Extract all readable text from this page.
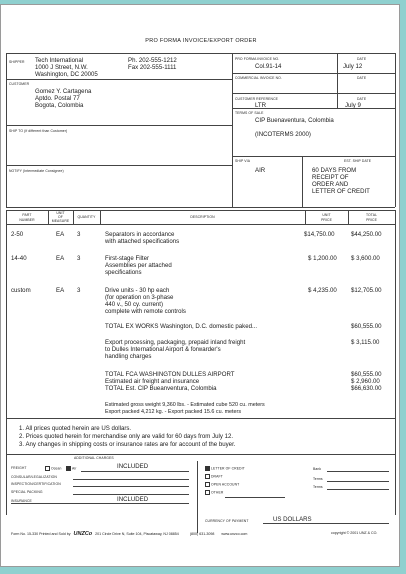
PRO FORMA INVOICE/EXPORT ORDER
SHIPPER Tech International
1000 J Street, N.W.
Washington, DC 20005
Ph. 202-555-1212
Fax 202-555-1111
CUSTOMER
Gomez Y. Cartagena
Aptdo. Postal 77
Bogota, Colombia
SHIP TO (if different than Customer)
NOTIFY (Intermediate Consignee)
PRO FORMA INVOICE NO.
Col.91-14
DATE
July 12
COMMERCIAL INVOICE NO.	DATE
CUSTOMER REFERENCE
LTR
DATE
July 9
TERMS OF SALE
CIP Buenaventura, Colombia
(INCOTERMS 2000)
SHIP VIA
AIR
EST. SHIP DATE
60 DAYS FROM
RECEIPT OF
ORDER AND
LETTER OF CREDIT
PART
NUMBER
UNIT
OF
MEASURE
QUANTITY	DESCRIPTION	UNIT
PRICE
TOTAL
PRICE
2-50	EA 3	Separators in accordance
with attached specifications
$14,750.00	$44,250.00
14-40	EA 3	First-stage Filter
Assemblies per attached
specifications
$ 1,200.00 $ 3,600.00
custom	EA 3	Drive units - 30 hp each
(for operation on 3-phase
440 v., 50 cy. current)
complete with remote controls
$ 4,235.00 $12,705.00
TOTAL EX WORKS Washington, D.C. domestic paked...	$60,555.00
Export processing, packaging, prepaid inland freight
to Dulles International Airport & forwarder's
handling charges
$ 3,115.00
TOTAL FCA WASHINGTON DULLES AIRPORT	$60,555.00
Estimated air freight and insurance	$ 2,960.00
TOTAL Est. CIP Bueanventura, Colombia	$66,630.00
Estimated gross weight 9,360 lbs. - Estimated cube 520 cu. meters
Export packed 4,212 kg. - Export packed 15.6 cu. meters
1. All prices quoted herein are US dollars.
2. Prices quoted herein for merchandise only are valid for 60 days from July 12.
3. Any changes in shipping costs or insurance rates are for account of the buyer.
ADDITIONAL CHARGES
FREIGHT	Ocean	Air	INCLUDED
CONSULAR/LEGALIZATION
INSPECTION/CERTIFICATION
SPECIAL PACKING
INSURANCE	INCLUDED
LETTER OF CREDIT
DRAFT
OPEN ACCOUNT
OTHER
Bank
Terms
Terms
CURRENCY OF PAYMENT	US DOLLARS
Form No. 15-330 Printed and Sold by UNZCo 201 Circle Drive N, Suite 104, Piscataway, NJ 08854	(800) 631-3098 www.unzco.com	copyright © 2001 UNZ & CO.
